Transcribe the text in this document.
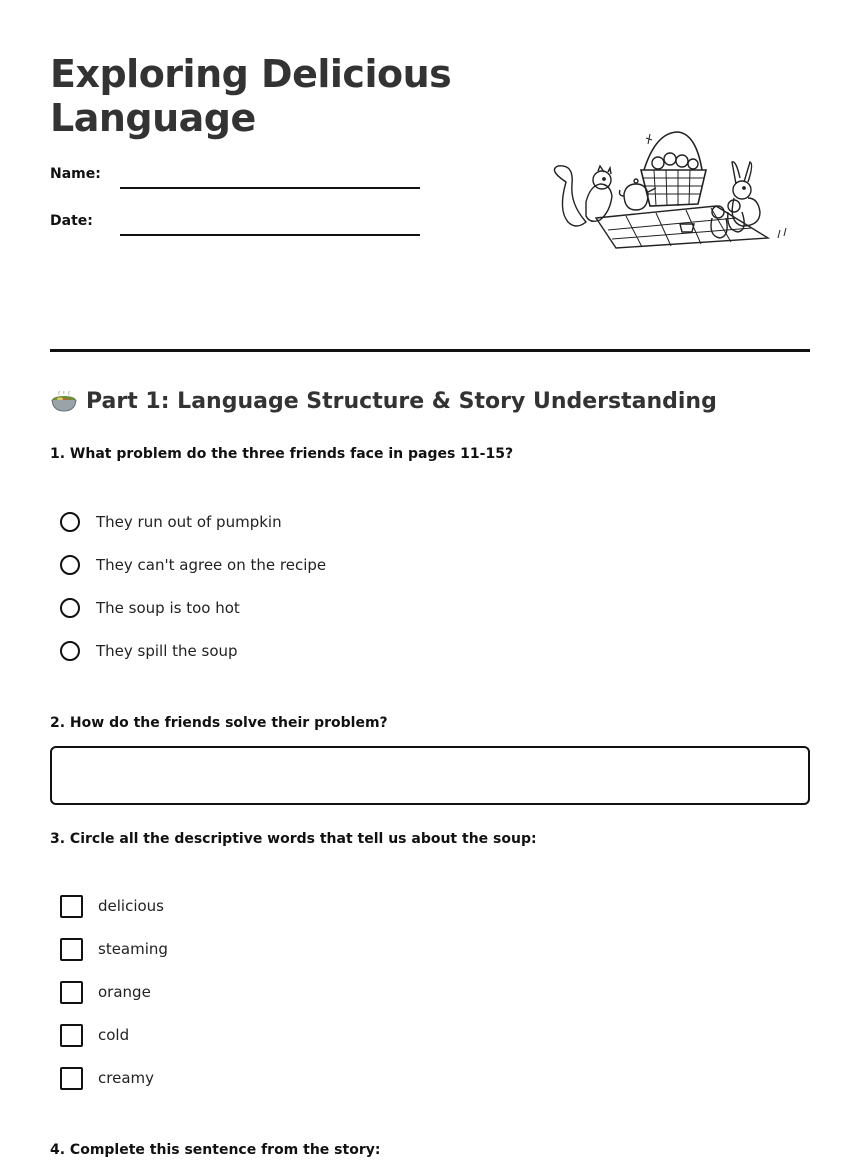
Exploring Delicious
Language
Name:
Date:
Part 1: Language Structure & Story Understanding

1. What problem do the three friends face in pages 11-15?

They run out of pumpkin
They can't agree on the recipe
The soup is too hot
They spill the soup

2. How do the friends solve their problem?

3. Circle all the descriptive words that tell us about the soup:

delicious
steaming
orange
cold
creamy

4. Complete this sentence from the story:
